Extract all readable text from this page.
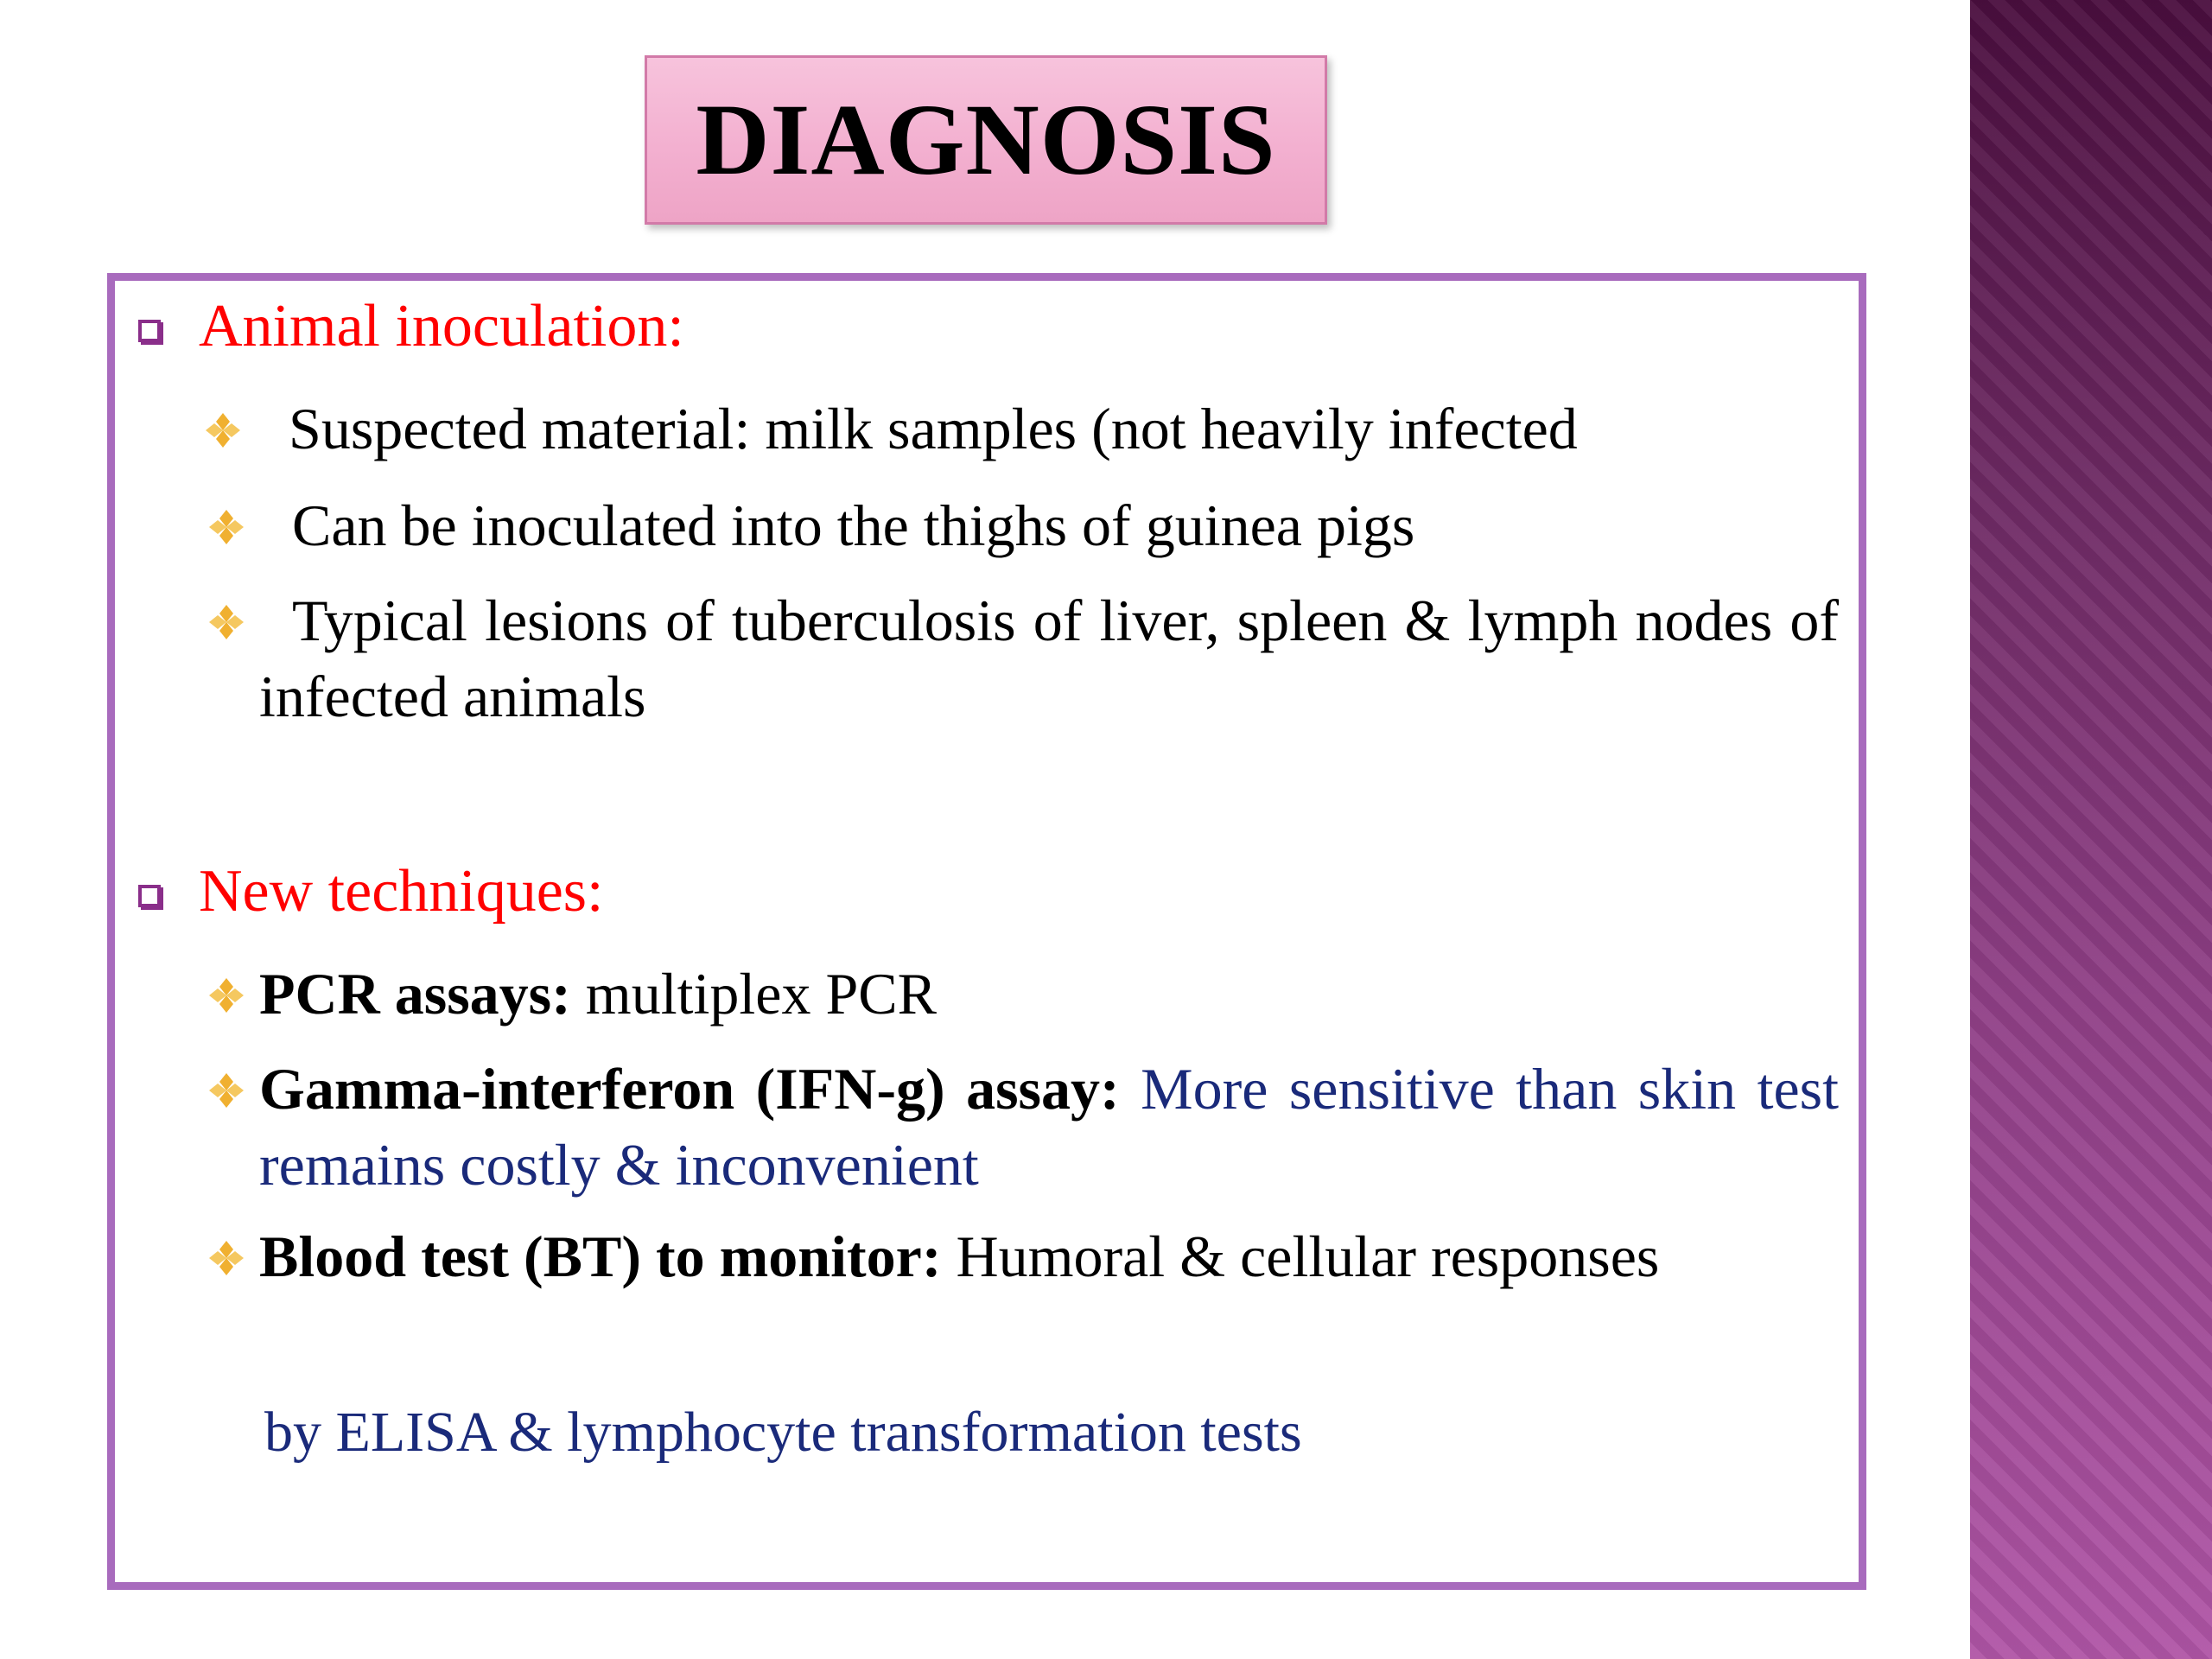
DIAGNOSIS
Animal inoculation:
Suspected material: milk samples (not heavily infected
Can be inoculated into the thighs of guinea pigs
Typical lesions of tuberculosis of liver, spleen & lymph nodes of infected animals
New techniques:
PCR assays: multiplex PCR
Gamma-interferon (IFN-g) assay: More sensitive than skin test remains costly & inconvenient
Blood test (BT) to monitor: Humoral & cellular responses
by ELISA & lymphocyte transformation tests
